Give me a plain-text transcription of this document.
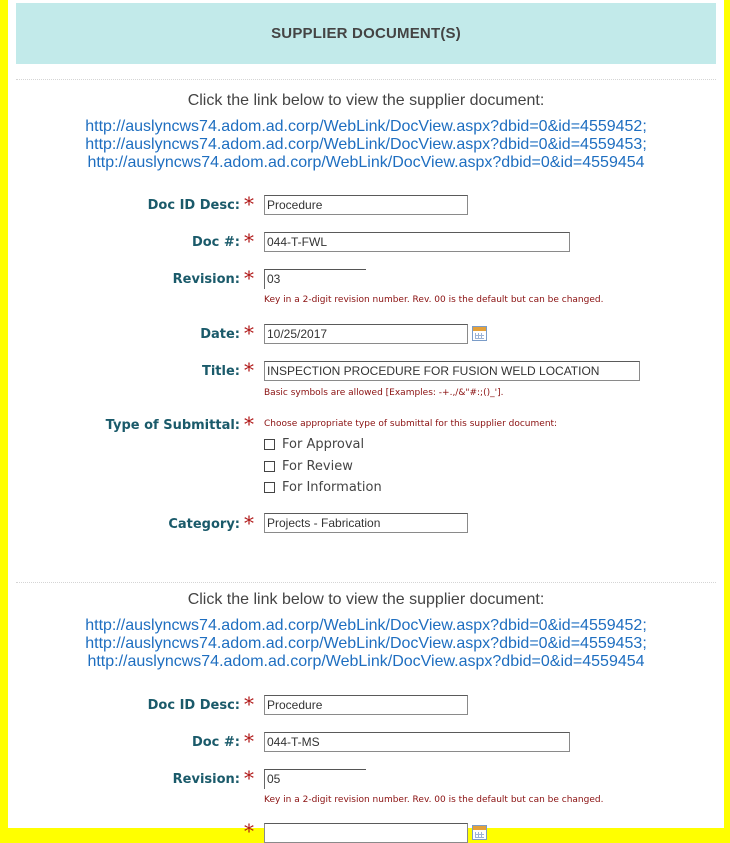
SUPPLIER DOCUMENT(S)
Click the link below to view the supplier document:
http://auslyncws74.adom.ad.corp/WebLink/DocView.aspx?dbid=0&id=4559452;
http://auslyncws74.adom.ad.corp/WebLink/DocView.aspx?dbid=0&id=4559453;
http://auslyncws74.adom.ad.corp/WebLink/DocView.aspx?dbid=0&id=4559454
Doc ID Desc: * Procedure
Doc #: * 044-T-FWL
Revision: * 03
Key in a 2-digit revision number. Rev. 00 is the default but can be changed.
Date: * 10/25/2017
Title: * INSPECTION PROCEDURE FOR FUSION WELD LOCATION
Basic symbols are allowed [Examples: -+.,/&"#:;()_'].
Type of Submittal: * Choose appropriate type of submittal for this supplier document:
For Approval
For Review
For Information
Category: * Projects - Fabrication
Click the link below to view the supplier document:
http://auslyncws74.adom.ad.corp/WebLink/DocView.aspx?dbid=0&id=4559452;
http://auslyncws74.adom.ad.corp/WebLink/DocView.aspx?dbid=0&id=4559453;
http://auslyncws74.adom.ad.corp/WebLink/DocView.aspx?dbid=0&id=4559454
Doc ID Desc: * Procedure
Doc #: * 044-T-MS
Revision: * 05
Key in a 2-digit revision number. Rev. 00 is the default but can be changed.
*
